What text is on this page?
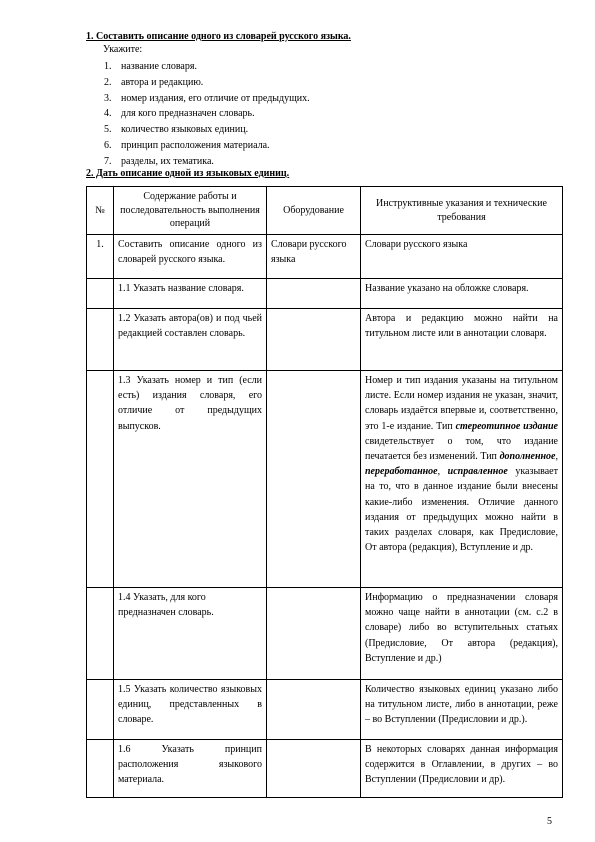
1. Составить описание одного из словарей русского языка.
Укажите:
1. название словаря.
2. автора и редакцию.
3. номер издания, его отличие от предыдущих.
4. для кого предназначен словарь.
5. количество языковых единиц.
6. принцип расположения материала.
7. разделы, их тематика.
2. Дать описание одной из языковых единиц.
№	Содержание работы и последовательность выполнения операций	Оборудование	Инструктивные указания и технические требования
1.	Составить описание одного из словарей русского языка.	Словари русского языка	Словари русского языка
	1.1 Указать название словаря.		Название указано на обложке словаря.
	1.2 Указать автора(ов) и под чьей редакцией составлен словарь.		Автора и редакцию можно найти на титульном листе или в аннотации словаря.
	1.3 Указать номер и тип (если есть) издания словаря, его отличие от предыдущих выпусков.		Номер и тип издания указаны на титульном листе. Если номер издания не указан, значит, словарь издаётся впервые и, соответственно, это 1-е издание. Тип стереотипное издание свидетельствует о том, что издание печатается без изменений. Тип дополненное, переработанное, исправленное указывает на то, что в данное издание были внесены какие-либо изменения. Отличие данного издания от предыдущих можно найти в таких разделах словаря, как Предисловие, От автора (редакция), Вступление и др.
	1.4 Указать, для кого предназначен словарь.		Информацию о предназначении словаря можно чаще найти в аннотации (см. с.2 в словаре) либо во вступительных статьях (Предисловие, От автора (редакция), Вступление и др.)
	1.5 Указать количество языковых единиц, представленных в словаре.		Количество языковых единиц указано либо на титульном листе, либо в аннотации, реже – во Вступлении (Предисловии и др.).
	1.6 Указать принцип расположения языкового материала.		В некоторых словарях данная информация содержится в Оглавлении, в других – во Вступлении (Предисловии и др).
5
